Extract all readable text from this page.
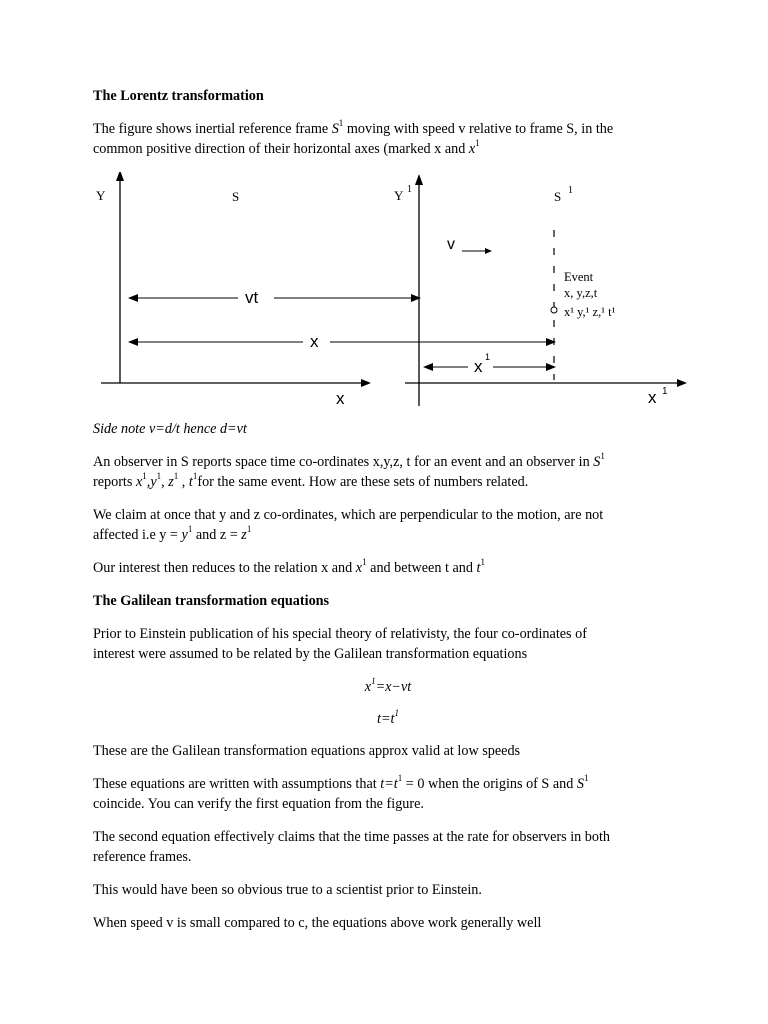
The Lorentz transformation

The figure shows inertial reference frame $S^1$ moving with speed v relative to frame S, in the
common positive direction of their horizontal axes (marked x and $x^1$

Y	S	Y 1	S 1
v
Event
x, y,z,t
x¹ y,¹ z,¹ t¹
vt
x
x 1
x	x 1

Side note v=d/t hence d=vt

An observer in S reports space time co-ordinates x,y,z, t for an event and an observer in $S^1$
reports $x^1,y^1$, $z^1$ , $t^1for$ the same event. How are these sets of numbers related.

We claim at once that y and z co-ordinates, which are perpendicular to the motion, are not
affected i.e $y = y^1$ and $z = z^1$

Our interest then reduces to the relation x and $x^1$ and between t and $t^1$

The Galilean transformation equations

Prior to Einstein publication of his special theory of relativisty, the four co-ordinates of
interest were assumed to be related by the Galilean transformation equations

$x^1=x-vt$

$t=t^1$

These are the Galilean transformation equations approx valid at low speeds

These equations are written with assumptions that $t=t^1 = 0$ when the origins of S and $S^1$
coincide. You can verify the first equation from the figure.

The second equation effectively claims that the time passes at the rate for observers in both
reference frames.

This would have been so obvious true to a scientist prior to Einstein.

When speed v is small compared to c, the equations above work generally well
